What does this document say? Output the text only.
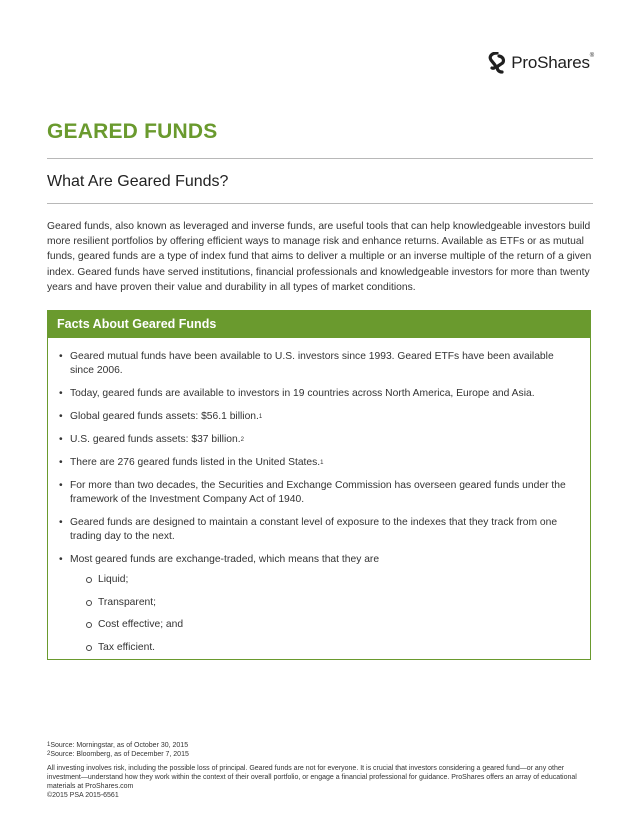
ProShares®
GEARED FUNDS
What Are Geared Funds?

Geared funds, also known as leveraged and inverse funds, are useful tools that can help knowledgeable investors build more resilient portfolios by offering efficient ways to manage risk and enhance returns. Available as ETFs or as mutual funds, geared funds are a type of index fund that aims to deliver a multiple or an inverse multiple of the return of a given index. Geared funds have served institutions, financial professionals and knowledgeable investors for more than twenty years and have proven their value and durability in all types of market conditions.

Facts About Geared Funds
• Geared mutual funds have been available to U.S. investors since 1993. Geared ETFs have been available since 2006.
• Today, geared funds are available to investors in 19 countries across North America, Europe and Asia.
• Global geared funds assets: $56.1 billion.$^1$
• U.S. geared funds assets: $37 billion.$^2$
• There are 276 geared funds listed in the United States.$^1$
• For more than two decades, the Securities and Exchange Commission has overseen geared funds under the framework of the Investment Company Act of 1940.
• Geared funds are designed to maintain a constant level of exposure to the indexes that they track from one trading day to the next.
• Most geared funds are exchange-traded, which means that they are
Liquid;
Transparent;
Cost effective; and
Tax efficient.
$^1$Source: Morningstar, as of October 30, 2015
$^2$Source: Bloomberg, as of December 7, 2015
All investing involves risk, including the possible loss of principal. Geared funds are not for everyone. It is crucial that investors considering a geared fund—or any other investment—understand how they work within the context of their overall portfolio, or engage a financial professional for guidance. ProShares offers an array of educational materials at ProShares.com
©2015 PSA 2015-6561
